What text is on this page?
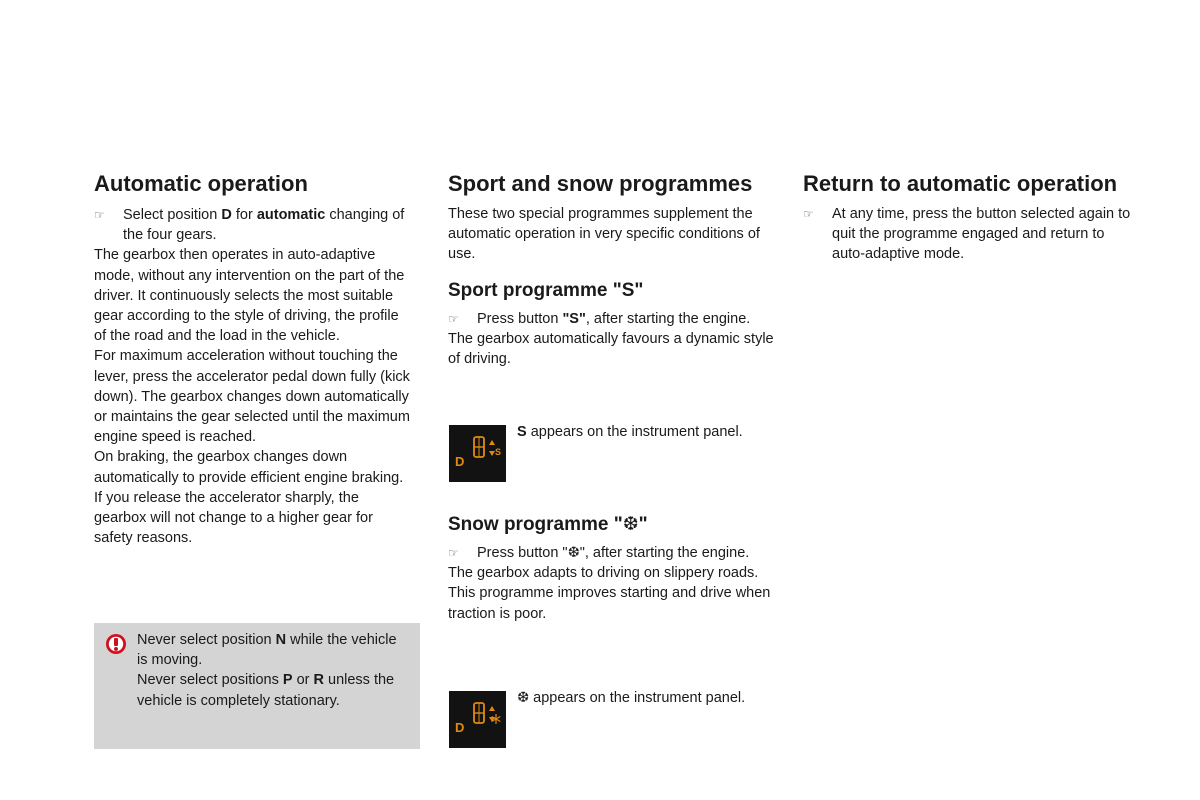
Automatic operation
☞ Select position D for automatic changing of the four gears.

The gearbox then operates in auto-adaptive mode, without any intervention on the part of the driver. It continuously selects the most suitable gear according to the style of driving, the profile of the road and the load in the vehicle.

For maximum acceleration without touching the lever, press the accelerator pedal down fully (kick down). The gearbox changes down automatically or maintains the gear selected until the maximum engine speed is reached.

On braking, the gearbox changes down automatically to provide efficient engine braking.

If you release the accelerator sharply, the gearbox will not change to a higher gear for safety reasons.

Never select position N while the vehicle is moving.

Never select positions P or R unless the vehicle is completely stationary.

Sport and snow programmes

These two special programmes supplement the automatic operation in very specific conditions of use.

Sport programme "S"
☞ Press button "S", after starting the engine.

The gearbox automatically favours a dynamic style of driving.

D
S
S appears on the instrument panel.
Snow programme "❆"
☞ Press button "❆", after starting the engine.

The gearbox adapts to driving on slippery roads.

This programme improves starting and drive when traction is poor.

D
❆ appears on the instrument panel.
Return to automatic operation
☞ At any time, press the button selected again to quit the programme engaged and return to auto-adaptive mode.
